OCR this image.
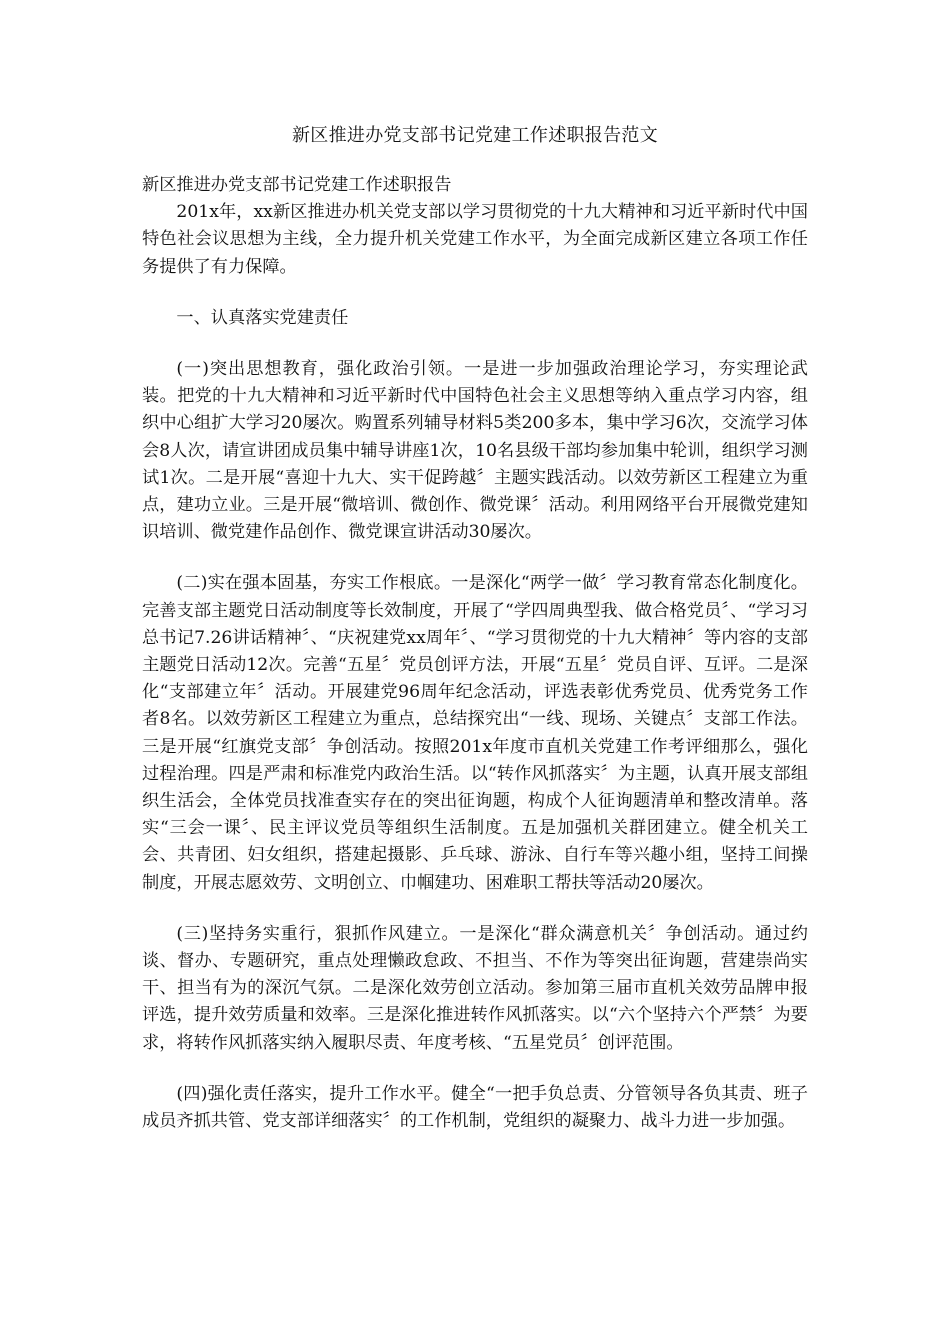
新区推进办党支部书记党建工作述职报告范文

新区推进办党支部书记党建工作述职报告

201x年，xx新区推进办机关党支部以学习贯彻党的十九大精神和习近平新时代中国特色社会议思想为主线，全力提升机关党建工作水平，为全面完成新区建立各项工作任务提供了有力保障。

一、认真落实党建责任

(一)突出思想教育，强化政治引领。一是进一步加强政治理论学习，夯实理论武装。把党的十九大精神和习近平新时代中国特色社会主义思想等纳入重点学习内容，组织中心组扩大学习20屡次。购置系列辅导材料5类200多本，集中学习6次，交流学习体会8人次，请宣讲团成员集中辅导讲座1次，10名县级干部均参加集中轮训，组织学习测试1次。二是开展“喜迎十九大、实干促跨越〞主题实践活动。以效劳新区工程建立为重点，建功立业。三是开展“微培训、微创作、微党课〞活动。利用网络平台开展微党建知识培训、微党建作品创作、微党课宣讲活动30屡次。

(二)实在强本固基，夯实工作根底。一是深化“两学一做〞学习教育常态化制度化。完善支部主题党日活动制度等长效制度，开展了“学四周典型我、做合格党员〞、“学习习总书记7.26讲话精神〞、“庆祝建党xx周年〞、“学习贯彻党的十九大精神〞等内容的支部主题党日活动12次。完善“五星〞党员创评方法，开展“五星〞党员自评、互评。二是深化“支部建立年〞活动。开展建党96周年纪念活动，评选表彰优秀党员、优秀党务工作者8名。以效劳新区工程建立为重点，总结探究出“一线、现场、关键点〞支部工作法。三是开展“红旗党支部〞争创活动。按照201x年度市直机关党建工作考评细那么，强化过程治理。四是严肃和标准党内政治生活。以“转作风抓落实〞为主题，认真开展支部组织生活会，全体党员找准查实存在的突出征询题，构成个人征询题清单和整改清单。落实“三会一课〞、民主评议党员等组织生活制度。五是加强机关群团建立。健全机关工会、共青团、妇女组织，搭建起摄影、乒乓球、游泳、自行车等兴趣小组，坚持工间操制度，开展志愿效劳、文明创立、巾帼建功、困难职工帮扶等活动20屡次。

(三)坚持务实重行，狠抓作风建立。一是深化“群众满意机关〞争创活动。通过约谈、督办、专题研究，重点处理懒政怠政、不担当、不作为等突出征询题，营建崇尚实干、担当有为的深沉气氛。二是深化效劳创立活动。参加第三届市直机关效劳品牌申报评选，提升效劳质量和效率。三是深化推进转作风抓落实。以“六个坚持六个严禁〞为要求，将转作风抓落实纳入履职尽责、年度考核、“五星党员〞创评范围。

(四)强化责任落实，提升工作水平。健全“一把手负总责、分管领导各负其责、班子成员齐抓共管、党支部详细落实〞的工作机制，党组织的凝聚力、战斗力进一步加强。
